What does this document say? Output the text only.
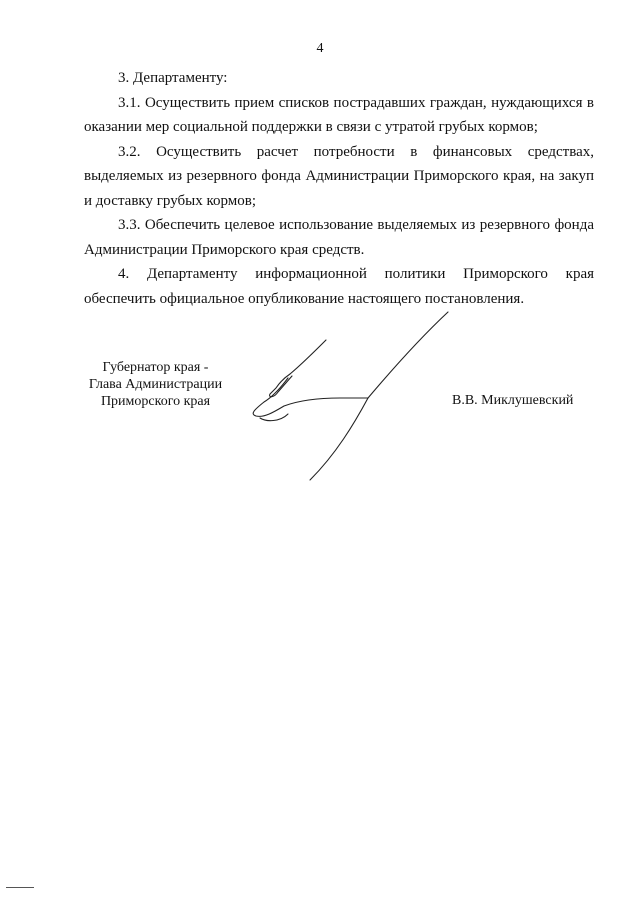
4

3. Департаменту:

3.1. Осуществить прием списков пострадавших граждан, нуждающихся в оказании мер социальной поддержки в связи с утратой грубых кормов;

3.2. Осуществить расчет потребности в финансовых средствах, выделяемых из резервного фонда Администрации Приморского края, на закуп и доставку грубых кормов;

3.3. Обеспечить целевое использование выделяемых из резервного фонда Администрации Приморского края средств.

4. Департаменту информационной политики Приморского края обеспечить официальное опубликование настоящего постановления.

Губернатор края -
Глава Администрации
Приморского края	В.В. Миклушевский
